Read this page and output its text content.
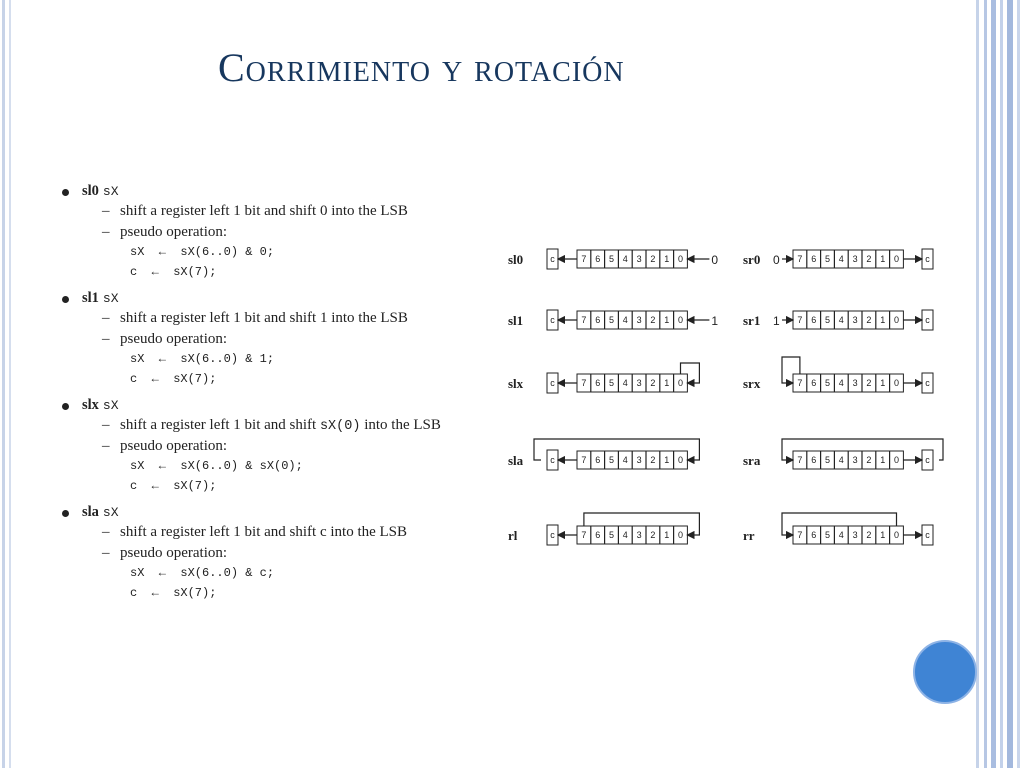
Corrimiento y rotación
sl0 sX
– shift a register left 1 bit and shift 0 into the LSB
– pseudo operation:
sX  ←  sX(6..0) & 0;
c  ←  sX(7);
sl1 sX
– shift a register left 1 bit and shift 1 into the LSB
– pseudo operation:
sX  ←  sX(6..0) & 1;
c  ←  sX(7);
slx sX
– shift a register left 1 bit and shift sX(0) into the LSB
– pseudo operation:
sX  ←  sX(6..0) & sX(0);
c  ←  sX(7);
sla sX
– shift a register left 1 bit and shift c into the LSB
– pseudo operation:
sX  ←  sX(6..0) & c;
c  ←  sX(7);
sl0
sl1
slx
sla
rl
c	7 6 5 4 3 2 1 0 0
c	7 6 5 4 3 2 1 0 1
c	7 6 5 4 3 2 1 0
c	7 6 5 4 3 2 1 0
c	7 6 5 4 3 2 1 0
sr0
sr1
srx
sra
rr
7 6 5 4 3 2 1 0	c
0
7 6 5 4 3 2 1 0	c
1
7 6 5 4 3 2 1 0	c
7 6 5 4 3 2 1 0	c
7 6 5 4 3 2 1 0	c
